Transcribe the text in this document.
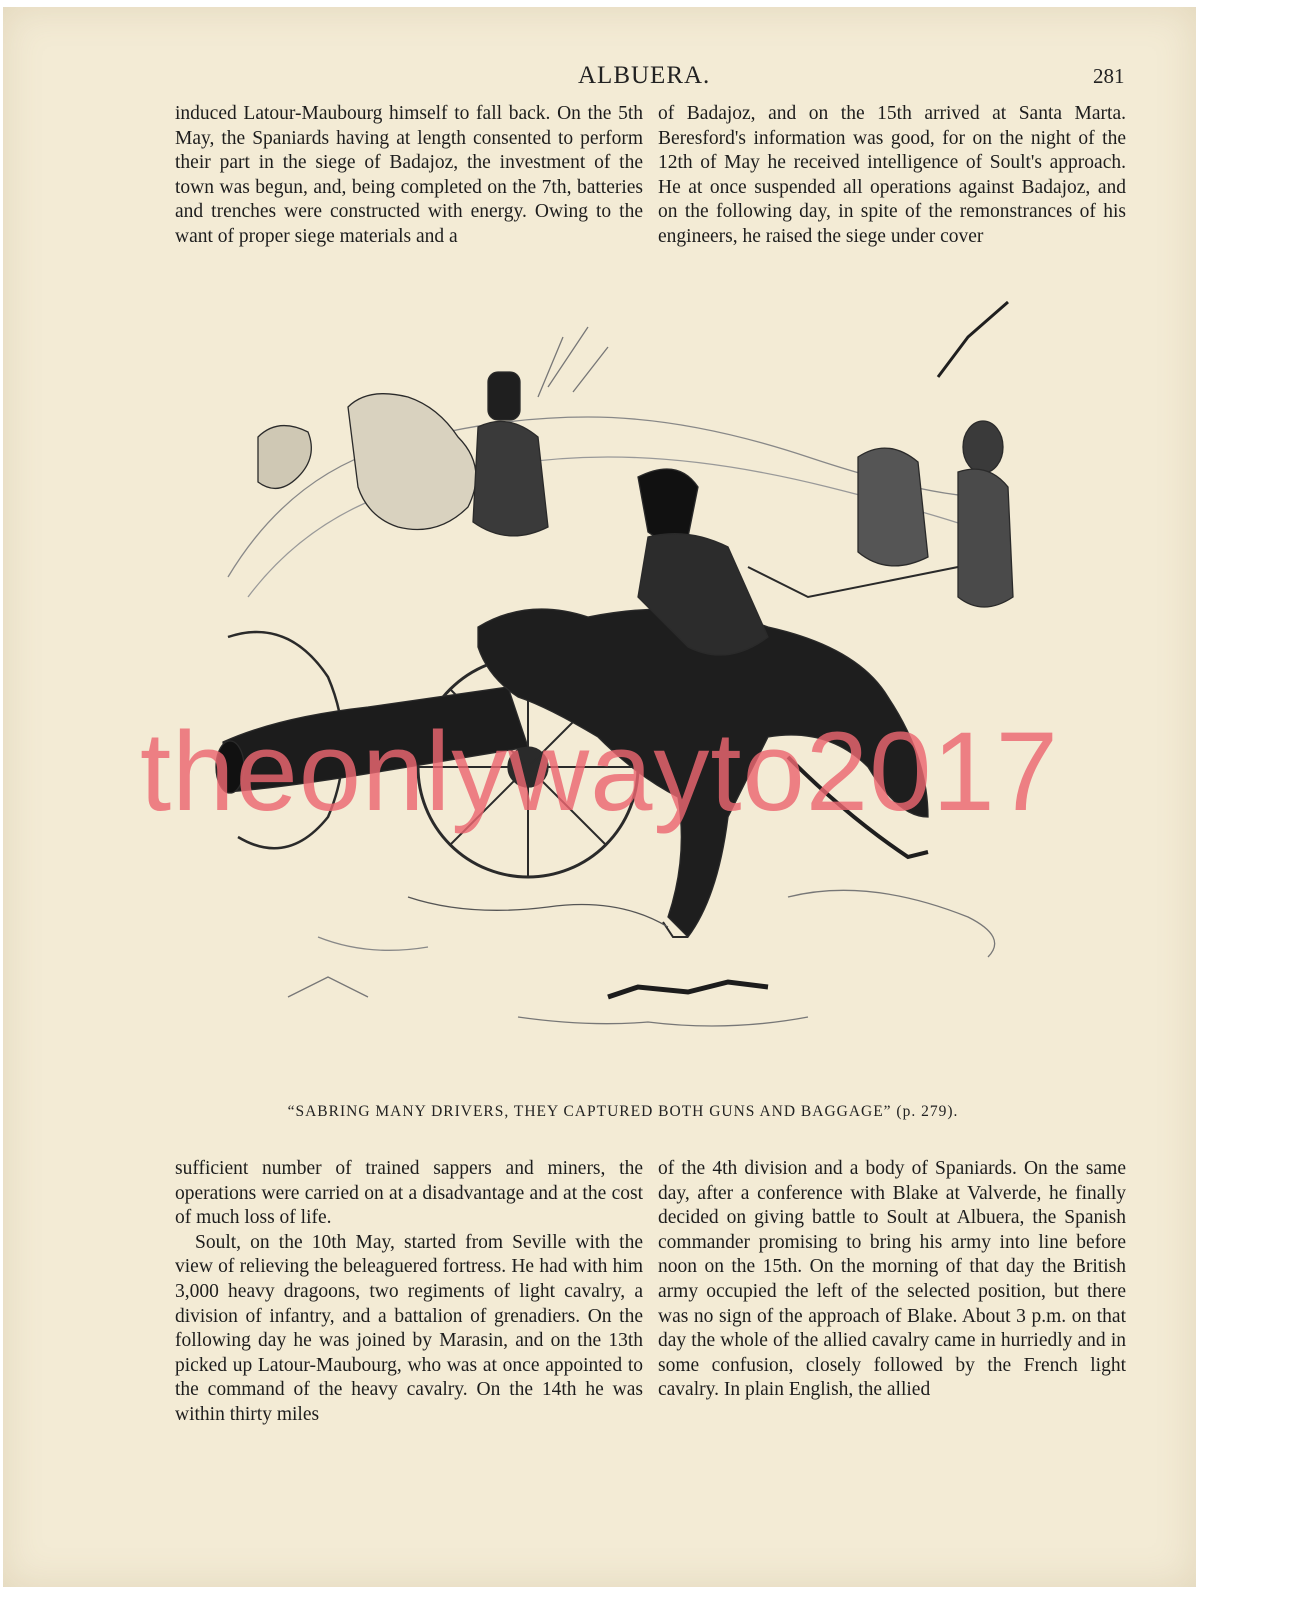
ALBUERA.	281

induced Latour-Maubourg himself to fall back. On the 5th May, the Spaniards having at length consented to perform their part in the siege of Badajoz, the investment of the town was begun, and, being completed on the 7th, batteries and trenches were constructed with energy. Owing to the want of proper siege materials and a

of Badajoz, and on the 15th arrived at Santa Marta. Beresford's information was good, for on the night of the 12th of May he received intelligence of Soult's approach. He at once suspended all operations against Badajoz, and on the following day, in spite of the remonstrances of his engineers, he raised the siege under cover

“SABRING MANY DRIVERS, THEY CAPTURED BOTH GUNS AND BAGGAGE” (p. 279).
theonlywayto2017

sufficient number of trained sappers and miners, the operations were carried on at a disadvantage and at the cost of much loss of life.

Soult, on the 10th May, started from Seville with the view of relieving the beleaguered fortress. He had with him 3,000 heavy dragoons, two regiments of light cavalry, a division of infantry, and a battalion of grenadiers. On the following day he was joined by Marasin, and on the 13th picked up Latour-Maubourg, who was at once appointed to the command of the heavy cavalry. On the 14th he was within thirty miles

of the 4th division and a body of Spaniards. On the same day, after a conference with Blake at Valverde, he finally decided on giving battle to Soult at Albuera, the Spanish commander promising to bring his army into line before noon on the 15th. On the morning of that day the British army occupied the left of the selected position, but there was no sign of the approach of Blake. About 3 p.m. on that day the whole of the allied cavalry came in hurriedly and in some confusion, closely followed by the French light cavalry. In plain English, the allied
